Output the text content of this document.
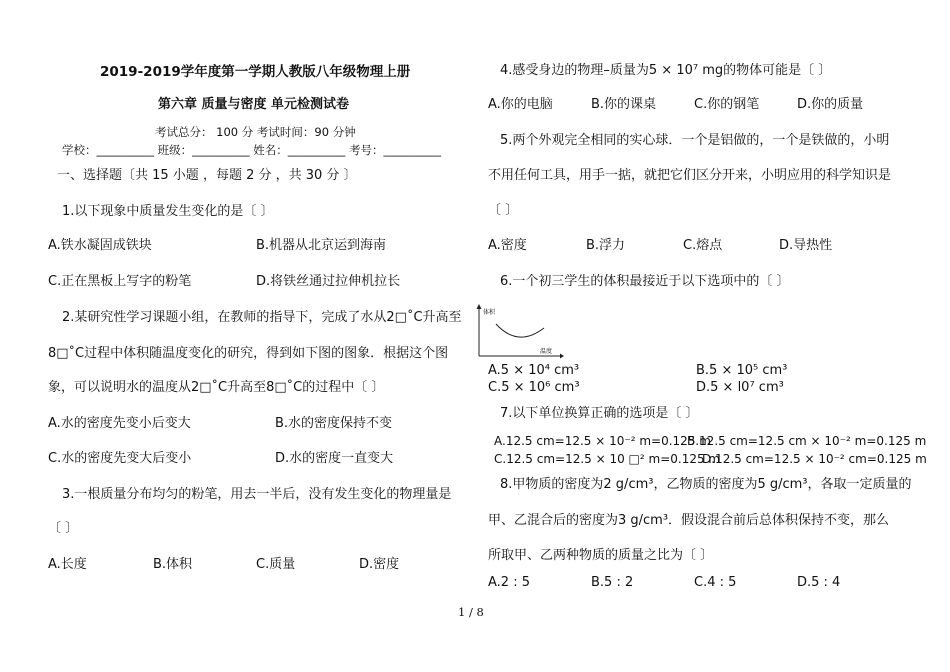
2019-2019学年度第一学期人教版八年级物理上册
第六章 质量与密度 单元检测试卷
考试总分： 100 分 考试时间：90 分钟
学校：__________ 班级：__________ 姓名：__________ 考号：__________
一、选择题〔共 15 小题 ，每题 2 分 ，共 30 分 〕
1.以下现象中质量发生变化的是〔 〕
A.铁水凝固成铁块	B.机器从北京运到海南
C.正在黑板上写字的粉笔	D.将铁丝通过拉伸机拉长
2.某研究性学习课题小组，在教师的指导下，完成了水从2□˚C升高至
8□˚C过程中体积随温度变化的研究，得到如下图的图象．根据这个图
象，可以说明水的温度从2□˚C升高至8□˚C的过程中〔 〕
A.水的密度先变小后变大	B.水的密度保持不变
C.水的密度先变大后变小	D.水的密度一直变大
3.一根质量分布均匀的粉笔，用去一半后，没有发生变化的物理量是
〔 〕
A.长度	B.体积	C.质量	D.密度
4.感受身边的物理–质量为5 × 10⁷ mg的物体可能是〔 〕
A.你的电脑	B.你的课桌	C.你的钢笔	D.你的质量
5.两个外观完全相同的实心球．一个是铝做的，一个是铁做的，小明
不用任何工具，用手一掂，就把它们区分开来，小明应用的科学知识是
〔 〕
A.密度	B.浮力	C.熔点	D.导热性
6.一个初三学生的体积最接近于以下选项中的〔 〕
体积
温度
A.5 × 10⁴ cm³	B.5 × 10⁵ cm³
C.5 × 10⁶ cm³	D.5 × l0⁷ cm³
7.以下单位换算正确的选项是〔 〕
A.12.5 cm=12.5 × 10⁻² m=0.125 m
B.12.5 cm=12.5 cm × 10⁻² m=0.125 m
C.12.5 cm=12.5 × 10 □² m=0.125 m
D.12.5 cm=12.5 × 10⁻² cm=0.125 m
8.甲物质的密度为2 g/cm³，乙物质的密度为5 g/cm³，各取一定质量的
甲、乙混合后的密度为3 g/cm³．假设混合前后总体积保持不变，那么
所取甲、乙两种物质的质量之比为〔 〕
A.2 : 5	B.5 : 2	C.4 : 5	D.5 : 4
1 / 8
